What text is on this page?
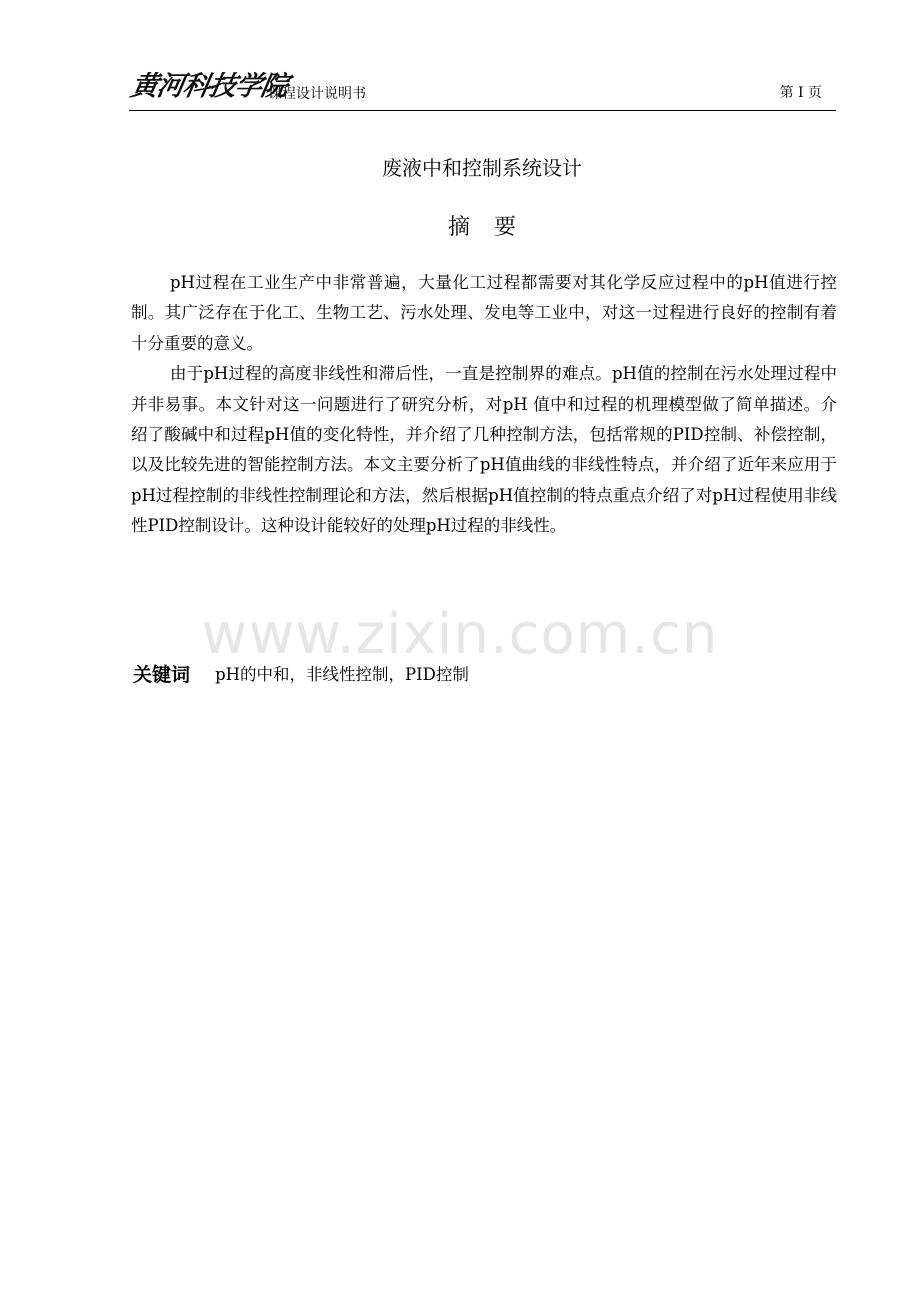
黄河科技学院
课程设计说明书	第 I 页
废液中和控制系统设计
摘要

pH过程在工业生产中非常普遍，大量化工过程都需要对其化学反应过程中的pH值进行控制。其广泛存在于化工、生物工艺、污水处理、发电等工业中，对这一过程进行良好的控制有着十分重要的意义。

由于pH过程的高度非线性和滞后性，一直是控制界的难点。pH值的控制在污水处理过程中并非易事。本文针对这一问题进行了研究分析，对pH 值中和过程的机理模型做了简单描述。介绍了酸碱中和过程pH值的变化特性，并介绍了几种控制方法，包括常规的PID控制、补偿控制，以及比较先进的智能控制方法。本文主要分析了pH值曲线的非线性特点，并介绍了近年来应用于pH过程控制的非线性控制理论和方法，然后根据pH值控制的特点重点介绍了对pH过程使用非线性PID控制设计。这种设计能较好的处理pH过程的非线性。

www.zixin.com.cn
关键词 pH的中和，非线性控制，PID控制
